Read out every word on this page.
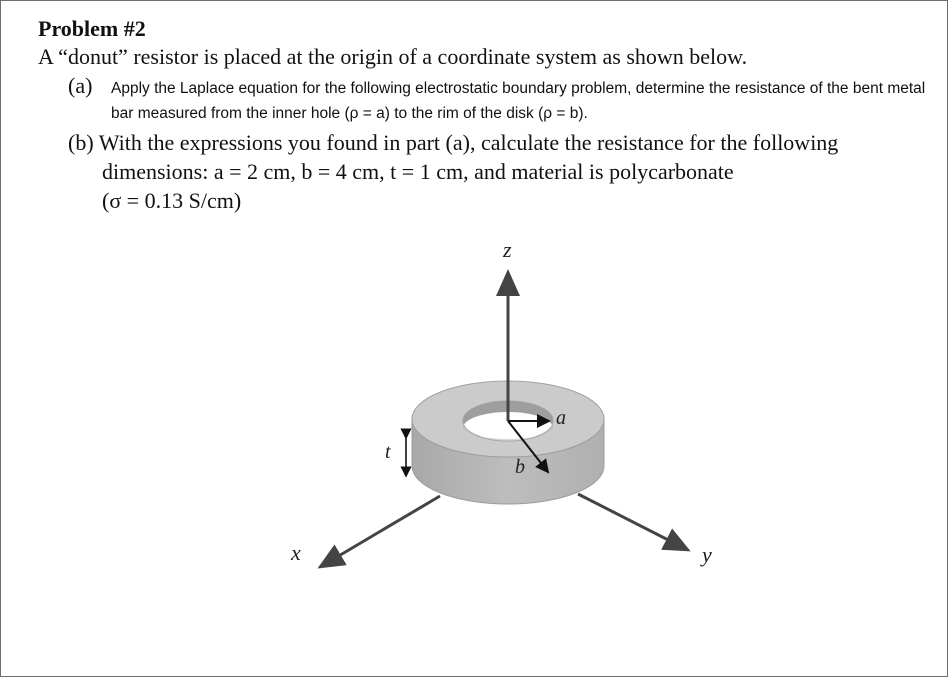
Problem #2
A “donut” resistor is placed at the origin of a coordinate system as shown below.
(a) Apply the Laplace equation for the following electrostatic boundary problem, determine the resistance of the bent metal bar measured from the inner hole (ρ = a) to the rim of the disk (ρ = b).
(b) With the expressions you found in part (a), calculate the resistance for the following
dimensions: a = 2 cm, b = 4 cm, t = 1 cm, and material is polycarbonate
(σ = 0.13 S/cm)
z
x	y
a
b
t
